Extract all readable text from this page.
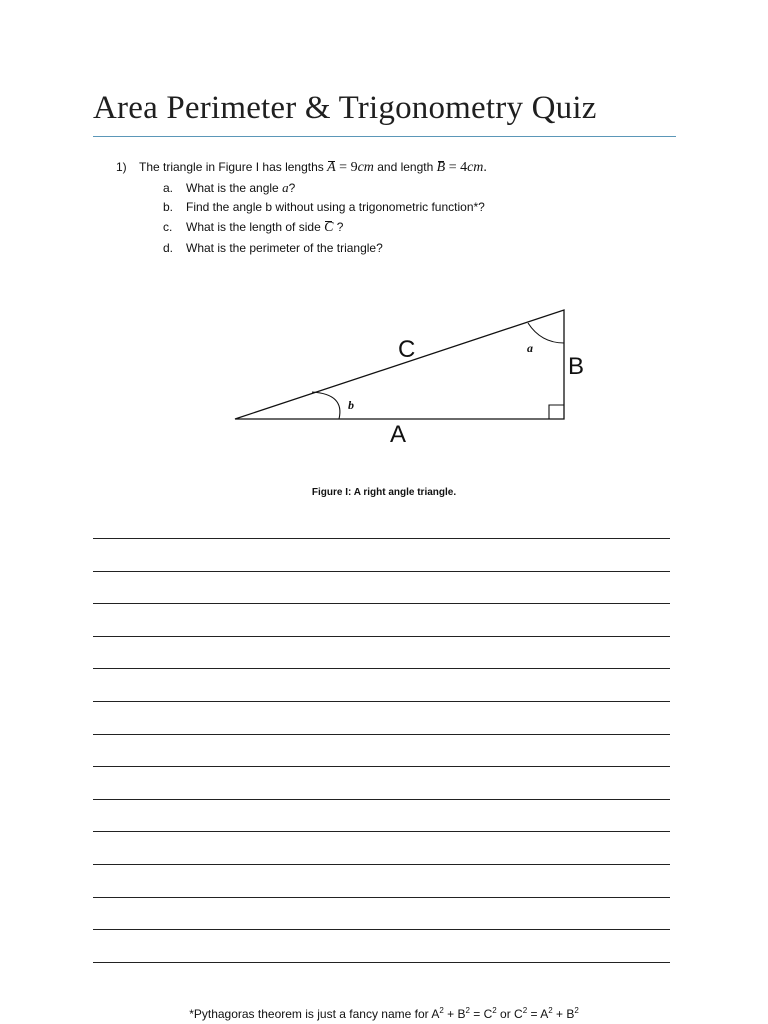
Area Perimeter & Trigonometry Quiz
1) The triangle in Figure I has lengths A = 9cm and length B = 4cm.
a. What is the angle a?
b. Find the angle b without using a trigonometric function*?
c. What is the length of side C ?
d. What is the perimeter of the triangle?
C
B
A
a
b
Figure I: A right angle triangle.
*Pythagoras theorem is just a fancy name for $A^2 + B^2 = C^2$ or $C^2 = A^2 + B^2$
